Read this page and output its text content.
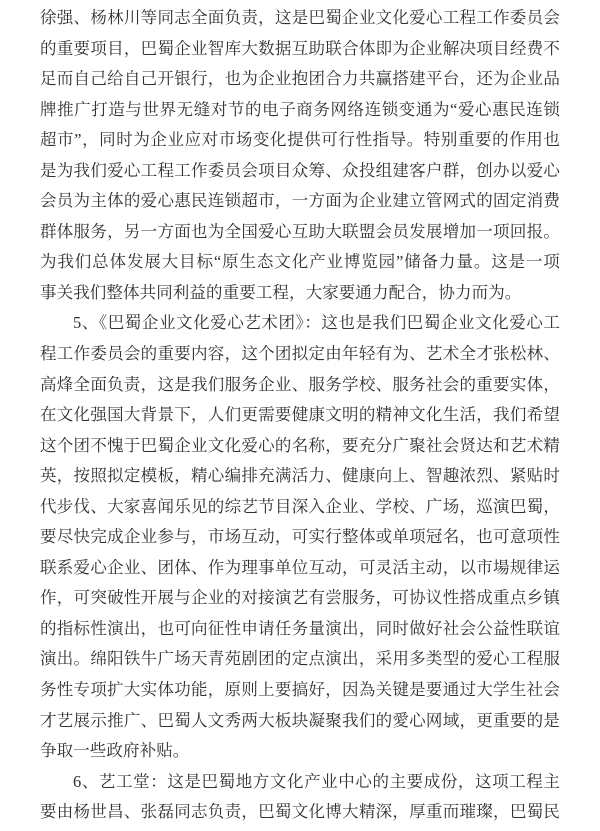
徐强、杨林川等同志全面负责，这是巴蜀企业文化爱心工程工作委员会
的重要项目，巴蜀企业智库大数据互助联合体即为企业解决项目经费不
足而自己给自己开银行，也为企业抱团合力共赢搭建平台，还为企业品
牌推广打造与世界无缝对节的电子商务网络连锁变通为“爱心惠民连锁
超市”，同时为企业应对市场变化提供可行性指导。特别重要的作用也
是为我们爱心工程工作委员会项目众筹、众投组建客户群，创办以爱心
会员为主体的爱心惠民连锁超市，一方面为企业建立管网式的固定消费
群体服务，另一方面也为全国爱心互助大联盟会员发展增加一项回报。
为我们总体发展大目标“原生态文化产业博览园”储备力量。这是一项
事关我们整体共同利益的重要工程，大家要通力配合，协力而为。
5、《巴蜀企业文化爱心艺术团》：这也是我们巴蜀企业文化爱心工
程工作委员会的重要内容，这个团拟定由年轻有为、艺术全才张松林、
高烽全面负责，这是我们服务企业、服务学校、服务社会的重要实体，
在文化强国大背景下，人们更需要健康文明的精神文化生活，我们希望
这个团不愧于巴蜀企业文化爱心的名称，要充分广聚社会贤达和艺术精
英，按照拟定模板，精心编排充满活力、健康向上、智趣浓烈、紧贴时
代步伐、大家喜闻乐见的综艺节目深入企业、学校、广场，巡演巴蜀，
要尽快完成企业参与，市场互动，可实行整体或单项冠名，也可意项性
联系爱心企业、团体、作为理事单位互动，可灵活主动，以市場规律运
作，可突破性开展与企业的对接演艺有尝服务，可协议性搭成重点乡镇
的指标性演出，也可向征性申请任务量演出，同时做好社会公益性联谊
演出。绵阳铁牛广场天青苑剧团的定点演出，采用多类型的爱心工程服
务性专项扩大实体功能，原则上要搞好，因為关键是要通过大学生社会
才艺展示推广、巴蜀人文秀两大板块凝聚我们的愛心网域，更重要的是
争取一些政府补贴。
6、艺工堂：这是巴蜀地方文化产业中心的主要成份，这项工程主
要由杨世昌、张磊同志负责，巴蜀文化博大精深，厚重而璀璨，巴蜀民
